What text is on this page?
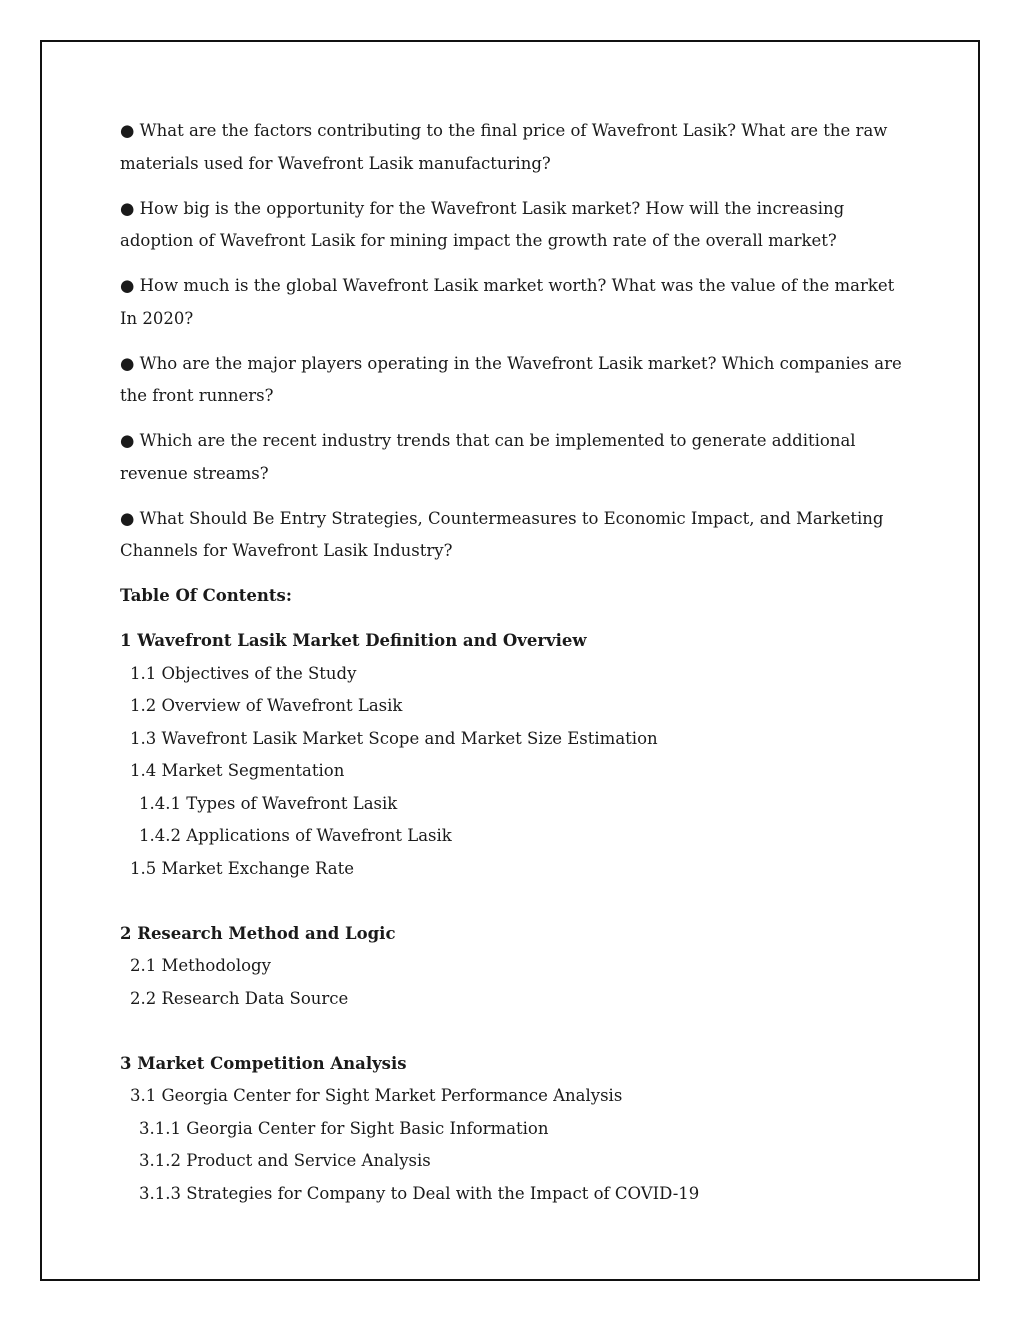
● What are the factors contributing to the final price of Wavefront Lasik? What are the raw materials used for Wavefront Lasik manufacturing?

● How big is the opportunity for the Wavefront Lasik market? How will the increasing adoption of Wavefront Lasik for mining impact the growth rate of the overall market?

● How much is the global Wavefront Lasik market worth? What was the value of the market In 2020?

● Who are the major players operating in the Wavefront Lasik market? Which companies are the front runners?

● Which are the recent industry trends that can be implemented to generate additional revenue streams?

● What Should Be Entry Strategies, Countermeasures to Economic Impact, and Marketing Channels for Wavefront Lasik Industry?

Table Of Contents:

1 Wavefront Lasik Market Definition and Overview
1.1 Objectives of the Study
1.2 Overview of Wavefront Lasik
1.3 Wavefront Lasik Market Scope and Market Size Estimation
1.4 Market Segmentation
1.4.1 Types of Wavefront Lasik
1.4.2 Applications of Wavefront Lasik
1.5 Market Exchange Rate
2 Research Method and Logic
2.1 Methodology
2.2 Research Data Source
3 Market Competition Analysis
3.1 Georgia Center for Sight Market Performance Analysis
3.1.1 Georgia Center for Sight Basic Information
3.1.2 Product and Service Analysis
3.1.3 Strategies for Company to Deal with the Impact of COVID-19
